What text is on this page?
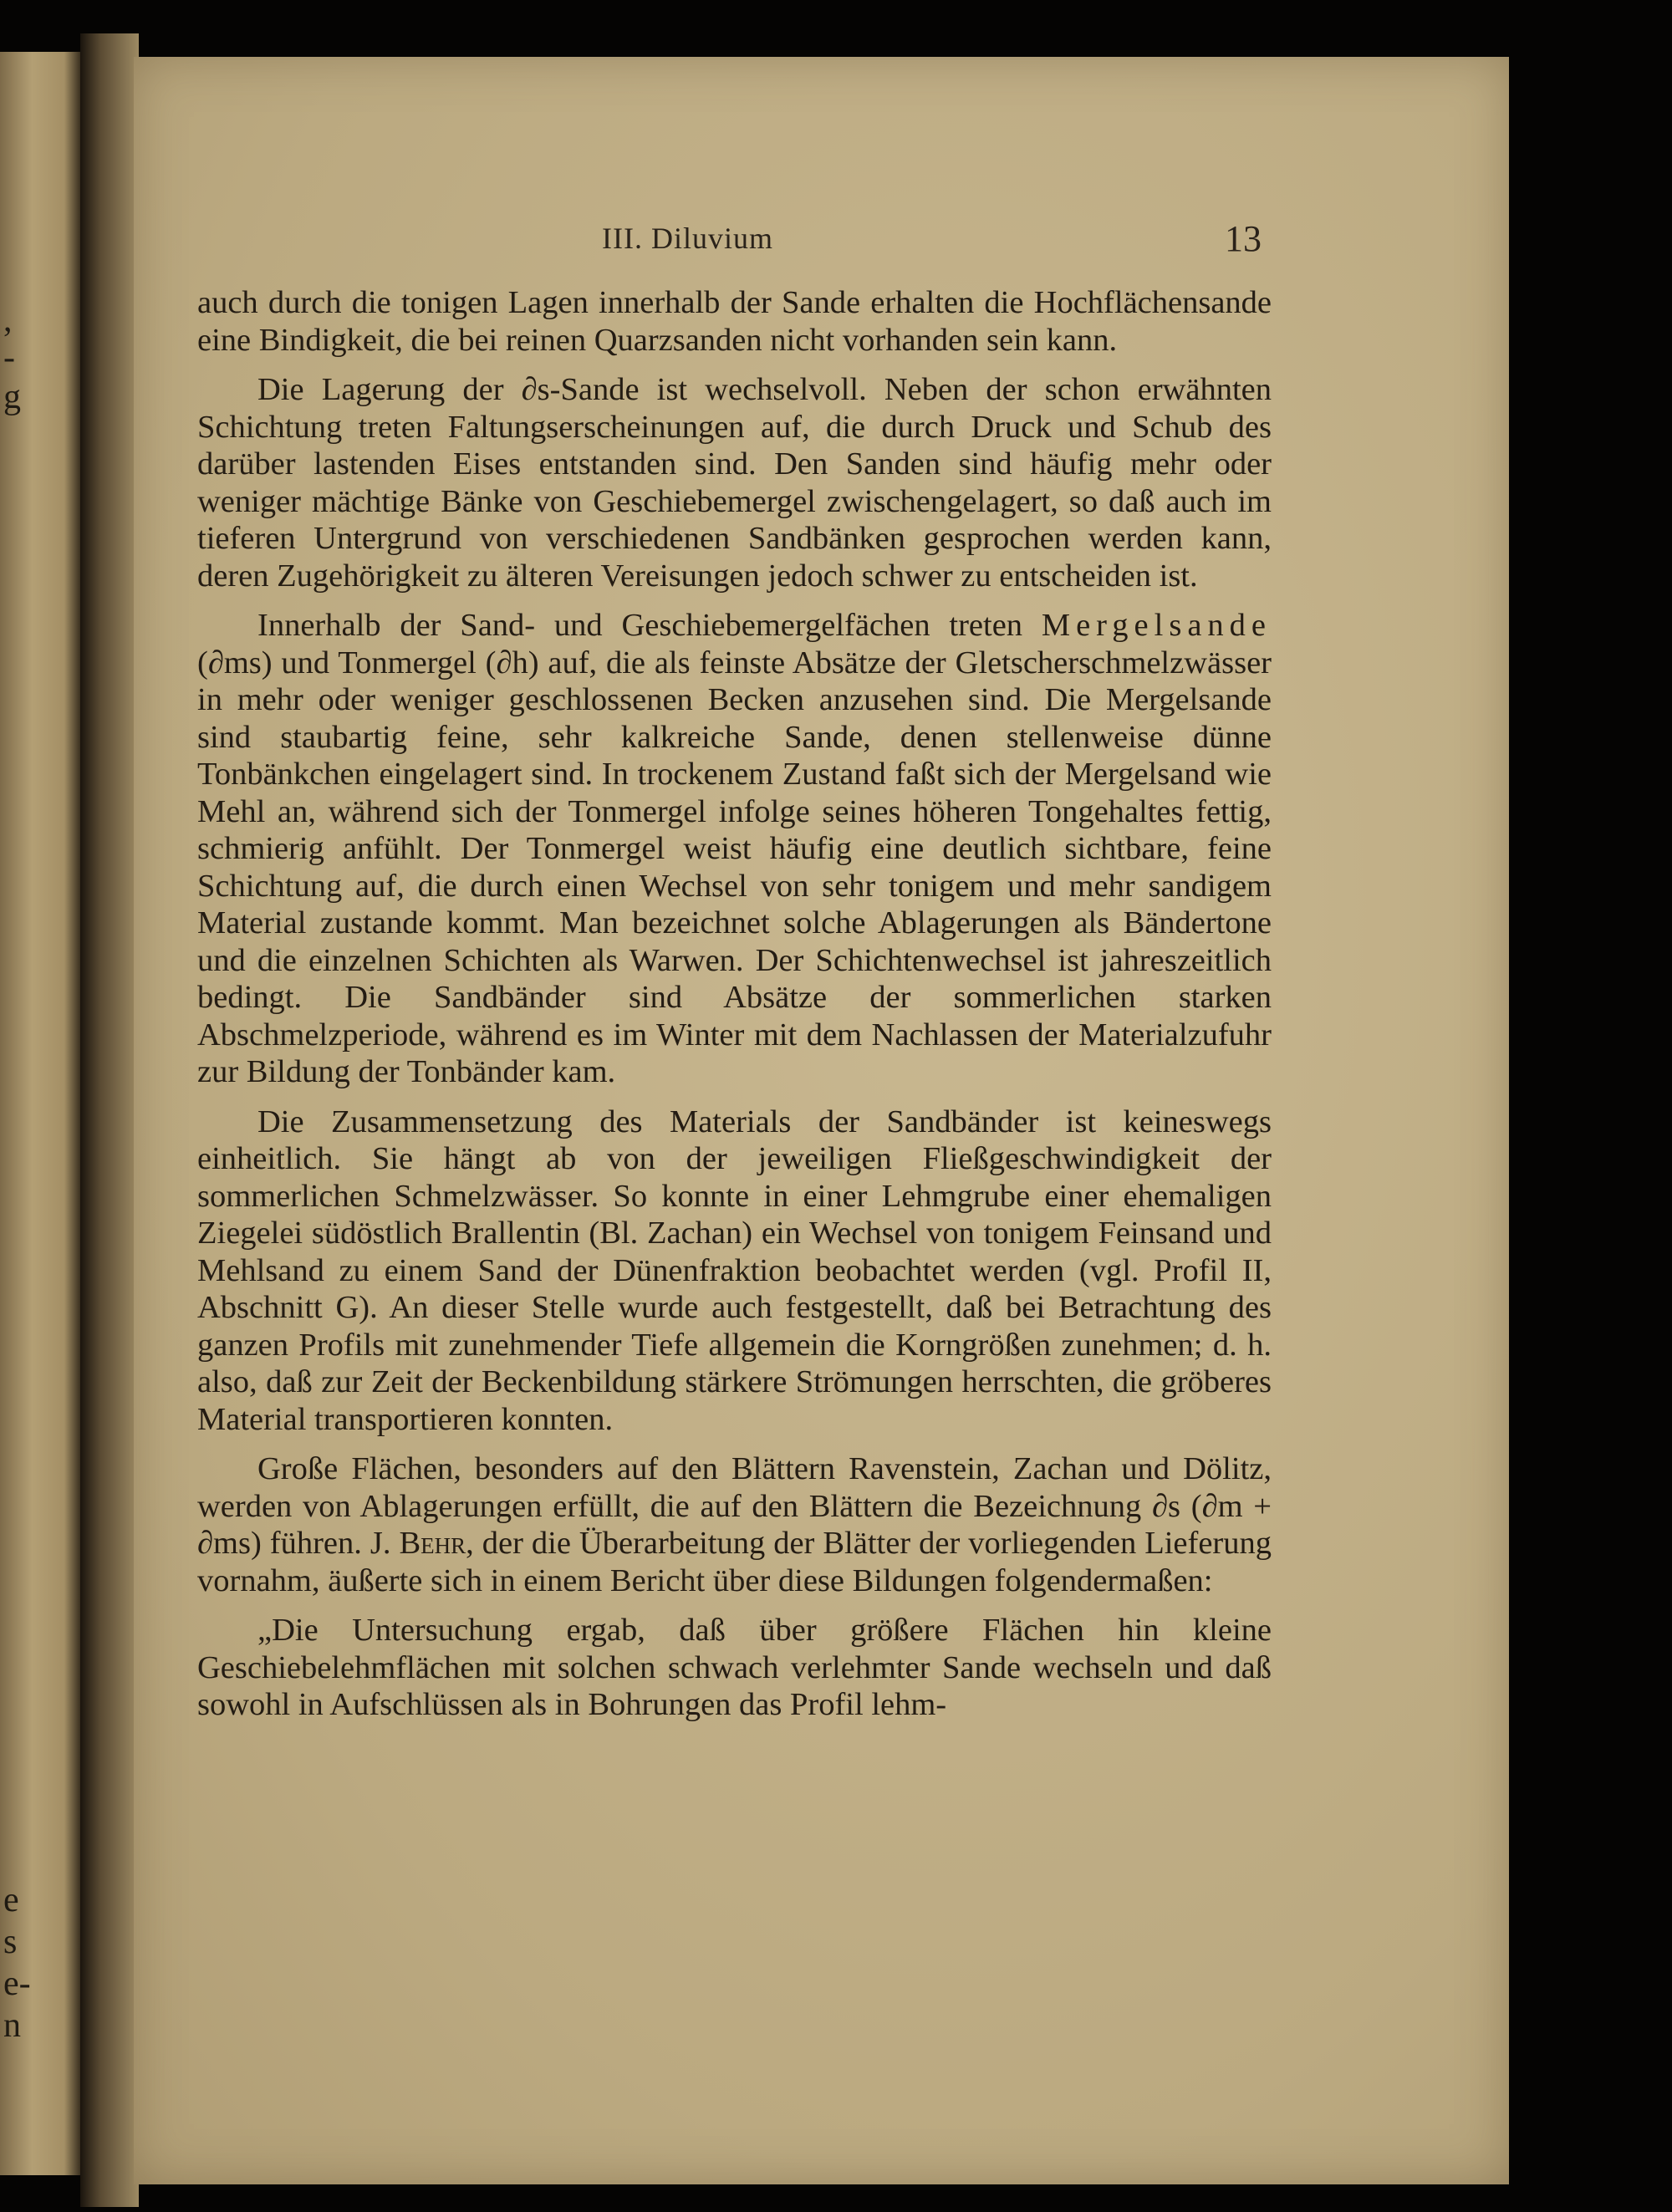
,
-
g
e
s
e-
n
III. Diluvium	13

auch durch die tonigen Lagen innerhalb der Sande erhalten die Hochflächensande eine Bindigkeit, die bei reinen Quarzsanden nicht vorhanden sein kann.

Die Lagerung der ∂s-Sande ist wechselvoll. Neben der schon erwähnten Schichtung treten Faltungserscheinungen auf, die durch Druck und Schub des darüber lastenden Eises entstanden sind. Den Sanden sind häufig mehr oder weniger mächtige Bänke von Geschiebemergel zwischengelagert, so daß auch im tieferen Untergrund von verschiedenen Sandbänken gesprochen werden kann, deren Zugehörigkeit zu älteren Vereisungen jedoch schwer zu entscheiden ist.

Innerhalb der Sand- und Geschiebemergelfächen treten Mergelsande (∂ms) und Tonmergel (∂h) auf, die als feinste Absätze der Gletscherschmelzwässer in mehr oder weniger geschlossenen Becken anzusehen sind. Die Mergelsande sind staubartig feine, sehr kalkreiche Sande, denen stellenweise dünne Tonbänkchen eingelagert sind. In trockenem Zustand faßt sich der Mergelsand wie Mehl an, während sich der Tonmergel infolge seines höheren Tongehaltes fettig, schmierig anfühlt. Der Tonmergel weist häufig eine deutlich sichtbare, feine Schichtung auf, die durch einen Wechsel von sehr tonigem und mehr sandigem Material zustande kommt. Man bezeichnet solche Ablagerungen als Bändertone und die einzelnen Schichten als Warwen. Der Schichtenwechsel ist jahreszeitlich bedingt. Die Sandbänder sind Absätze der sommerlichen starken Abschmelzperiode, während es im Winter mit dem Nachlassen der Materialzufuhr zur Bildung der Tonbänder kam.

Die Zusammensetzung des Materials der Sandbänder ist keineswegs einheitlich. Sie hängt ab von der jeweiligen Fließgeschwindigkeit der sommerlichen Schmelzwässer. So konnte in einer Lehmgrube einer ehemaligen Ziegelei südöstlich Brallentin (Bl. Zachan) ein Wechsel von tonigem Feinsand und Mehlsand zu einem Sand der Dünenfraktion beobachtet werden (vgl. Profil II, Abschnitt G). An dieser Stelle wurde auch festgestellt, daß bei Betrachtung des ganzen Profils mit zunehmender Tiefe allgemein die Korngrößen zunehmen; d. h. also, daß zur Zeit der Beckenbildung stärkere Strömungen herrschten, die gröberes Material transportieren konnten.

Große Flächen, besonders auf den Blättern Ravenstein, Zachan und Dölitz, werden von Ablagerungen erfüllt, die auf den Blättern die Bezeichnung ∂s (∂m + ∂ms) führen. J. Behr, der die Überarbeitung der Blätter der vorliegenden Lieferung vornahm, äußerte sich in einem Bericht über diese Bildungen folgendermaßen:

„Die Untersuchung ergab, daß über größere Flächen hin kleine Geschiebelehmflächen mit solchen schwach verlehmter Sande wechseln und daß sowohl in Aufschlüssen als in Bohrungen das Profil lehm-
